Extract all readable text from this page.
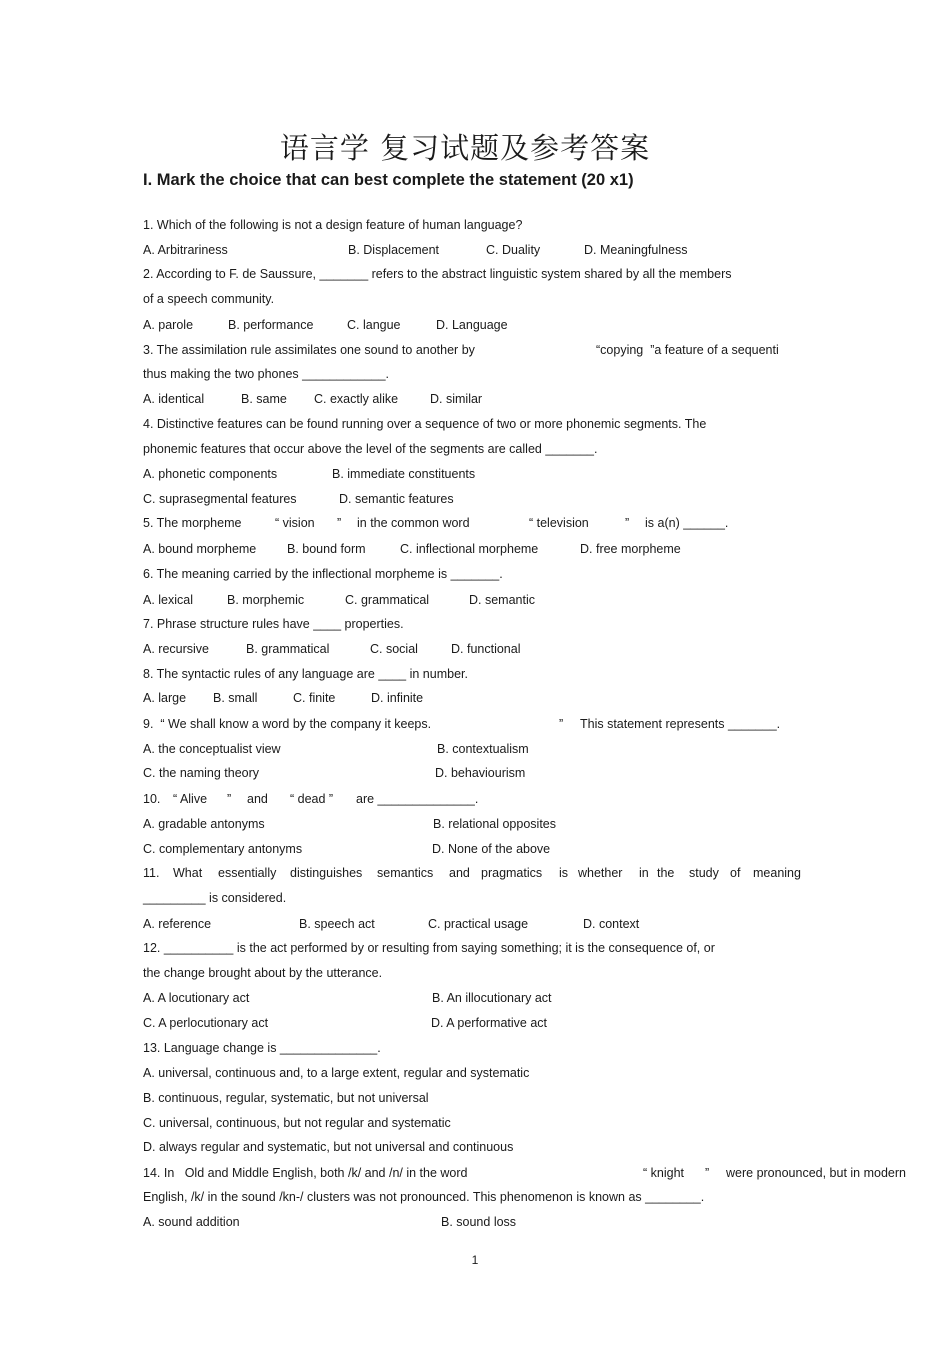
语言学 复习试题及参考答案
I. Mark the choice that can best complete the statement (20 x1)
1. Which of the following is not a design feature of human language?
A. Arbitrariness	B. Displacement	C. Duality	D. Meaningfulness
2. According to F. de Saussure, _______ refers to the abstract linguistic system shared by all the members
of a speech community.
A. parole	B. performance	C. langue	D. Language
3. The assimilation rule assimilates one sound to another by	“copying  ”a feature of a sequenti
thus making the two phones ____________.
A. identical	B. same C. exactly alike	D. similar
4. Distinctive features can be found running over a sequence of two or more phonemic segments. The
phonemic features that occur above the level of the segments are called _______.
A. phonetic components	B. immediate constituents
C. suprasegmental features	D. semantic features
5. The morpheme	“ vision ” in the common word	“ television	” is a(n) ______.
A. bound morpheme B. bound form	C. inflectional morpheme	D. free morpheme
6. The meaning carried by the inflectional morpheme is _______.
A. lexical	B. morphemic	C. grammatical	D. semantic
7. Phrase structure rules have ____ properties.
A. recursive	B. grammatical	C. social	D. functional
8. The syntactic rules of any language are ____ in number.
A. large B. small	C. finite	D. infinite
9.  “ We shall know a word by the company it keeps.	” This statement represents _______.
A. the conceptualist view	B. contextualism
C. the naming theory	D. behaviourism
10. “ Alive ” and “ dead ” are ______________.
A. gradable antonyms	B. relational opposites
C. complementary antonyms	D. None of the above
11. What essentially distinguishes semantics and pragmatics is whether in the study of meaning
_________ is considered.
A. reference	B. speech act	C. practical usage	D. context
12. __________ is the act performed by or resulting from saying something; it is the consequence of, or
the change brought about by the utterance.
A. A locutionary act	B. An illocutionary act
C. A perlocutionary act	D. A performative act
13. Language change is ______________.
A. universal, continuous and, to a large extent, regular and systematic
B. continuous, regular, systematic, but not universal
C. universal, continuous, but not regular and systematic
D. always regular and systematic, but not universal and continuous
14. In   Old and Middle English, both /k/ and /n/ in the word	“ knight ” were pronounced, but in modern
English, /k/ in the sound /kn-/ clusters was not pronounced. This phenomenon is known as ________.
A. sound addition	B. sound loss
1
